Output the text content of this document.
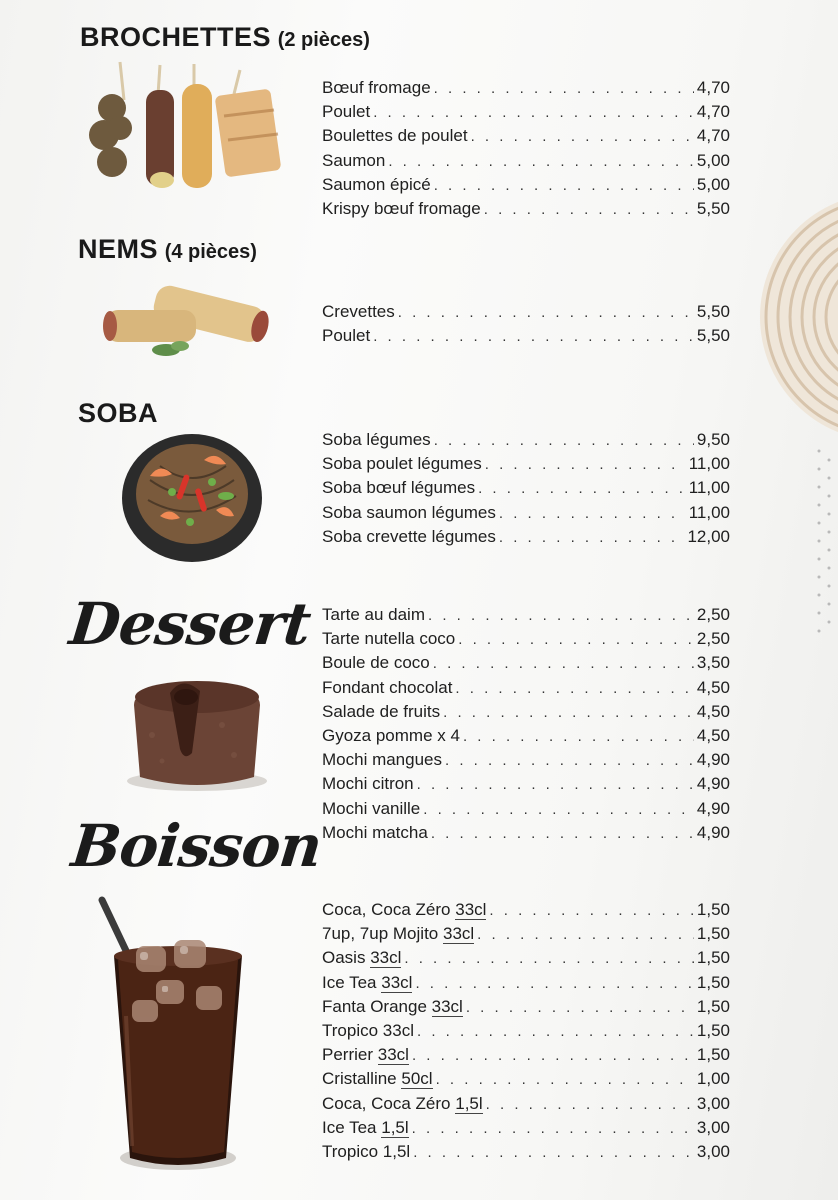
BROCHETTES (2 pièces)
Bœuf fromage . . .	4,70
Poulet . . .	4,70
Boulettes de poulet . . .	4,70
Saumon . . .	5,00
Saumon épicé . . .	5,00
Krispy bœuf fromage . . .	5,50
NEMS (4 pièces)
Crevettes . . .	5,50
Poulet . . .	5,50
SOBA
Soba légumes . . .	9,50
Soba poulet légumes . . .	11,00
Soba bœuf légumes . . .	11,00
Soba saumon légumes . . .	11,00
Soba crevette légumes . . .	12,00
Dessert Tarte au daim . . .	2,50
Tarte nutella coco . . .	2,50
Boule de coco . . .	3,50
Fondant chocolat . . .	4,50
Salade de fruits . . .	4,50
Gyoza pomme x 4 . . .	4,50
Mochi mangues . . .	4,90
Mochi citron . . .	4,90
Mochi vanille . . .	4,90
Mochi matcha . . .	4,90
Boisson
Coca, Coca Zéro 33cl . . .	1,50
7up, 7up Mojito 33cl . . .	1,50
Oasis 33cl . . .	1,50
Ice Tea 33cl . . .	1,50
Fanta Orange 33cl . . .	1,50
Tropico 33cl . . .	1,50
Perrier 33cl . . .	1,50
Cristalline 50cl . . .	1,00
Coca, Coca Zéro 1,5l . . .	3,00
Ice Tea 1,5l . . .	3,00
Tropico 1,5l . . .	3,00
